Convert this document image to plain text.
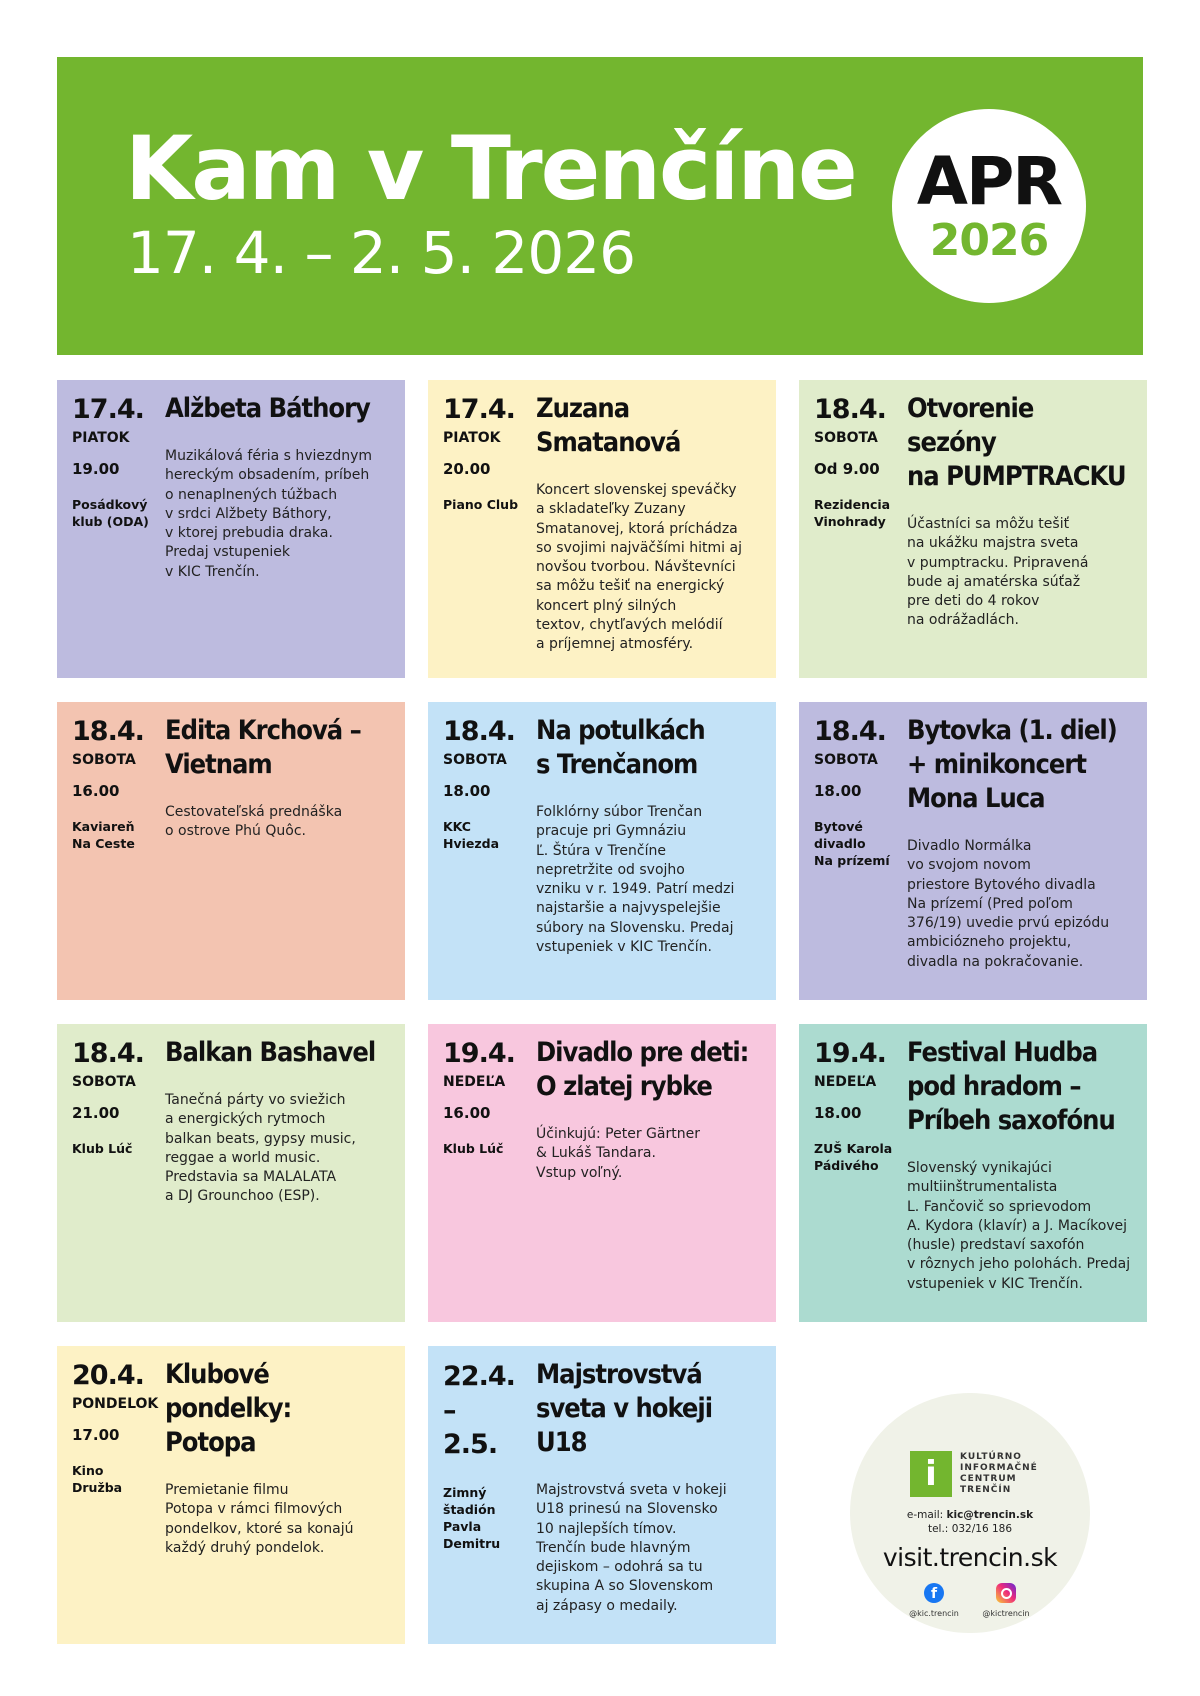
Kam v Trenčíne
17. 4. – 2. 5. 2026
APR
2026
17.4.
PIATOK
19.00
Posádkový
klub (ODA)
Alžbeta Báthory
Muzikálová féria s hviezdnym
hereckým obsadením, príbeh
o nenaplnených túžbach
v srdci Alžbety Báthory,
v ktorej prebudia draka.
Predaj vstupeniek
v KIC Trenčín.
17.4.
PIATOK
20.00
Piano Club
Zuzana
Smatanová
Koncert slovenskej speváčky
a skladateľky Zuzany
Smatanovej, ktorá príchádza
so svojimi najväčšími hitmi aj
novšou tvorbou. Návštevníci
sa môžu tešiť na energický
koncert plný silných
textov, chytľavých melódií
a príjemnej atmosféry.
18.4.
SOBOTA
Od 9.00
Rezidencia
Vinohrady
Otvorenie
sezóny
na PUMPTRACKU
Účastníci sa môžu tešiť
na ukážku majstra sveta
v pumptracku. Pripravená
bude aj amatérska súťaž
pre deti do 4 rokov
na odrážadlách.
18.4.
SOBOTA
16.00
Kaviareň
Na Ceste
Edita Krchová –
Vietnam
Cestovateľská prednáška
o ostrove Phú Quôc.
18.4.
SOBOTA
18.00
KKC
Hviezda
Na potulkách
s Trenčanom
Folklórny súbor Trenčan
pracuje pri Gymnáziu
Ľ. Štúra v Trenčíne
nepretržite od svojho
vzniku v r. 1949. Patrí medzi
najstaršie a najvyspelejšie
súbory na Slovensku. Predaj
vstupeniek v KIC Trenčín.
18.4.
SOBOTA
18.00
Bytové
divadlo
Na prízemí
Bytovka (1. diel)
+ minikoncert
Mona Luca
Divadlo Normálka
vo svojom novom
priestore Bytového divadla
Na prízemí (Pred poľom
376/19) uvedie prvú epizódu
ambiciózneho projektu,
divadla na pokračovanie.
18.4.
SOBOTA
21.00
Klub Lúč
Balkan Bashavel
Tanečná párty vo sviežich
a energických rytmoch
balkan beats, gypsy music,
reggae a world music.
Predstavia sa MALALATA
a DJ Grounchoo (ESP).
19.4.
NEDEĽA
16.00
Klub Lúč
Divadlo pre deti:
O zlatej rybke
Účinkujú: Peter Gärtner
& Lukáš Tandara.
Vstup voľný.
19.4.
NEDEĽA
18.00
ZUŠ Karola
Pádivého
Festival Hudba
pod hradom –
Príbeh saxofónu
Slovenský vynikajúci
multiinštrumentalista
L. Fančovič so sprievodom
A. Kydora (klavír) a J. Macíkovej
(husle) predstaví saxofón
v rôznych jeho polohách. Predaj
vstupeniek v KIC Trenčín.
20.4.
PONDELOK
17.00
Kino
Družba
Klubové
pondelky:
Potopa
Premietanie filmu
Potopa v rámci filmových
pondelkov, ktoré sa konajú
každý druhý pondelok.
22.4.
–
2.5.
Zimný
štadión
Pavla
Demitru
Majstrovstvá
sveta v hokeji
U18
Majstrovstvá sveta v hokeji
U18 prinesú na Slovensko
10 najlepších tímov.
Trenčín bude hlavným
dejiskom – odohrá sa tu
skupina A so Slovenskom
aj zápasy o medaily.
i	KULTÚRNO
INFORMAČNÉ
CENTRUM
TRENČÍN
e-mail: kic@trencin.sk
tel.: 032/16 186
visit.trencin.sk
f
@kic.trencin	@kictrencin
